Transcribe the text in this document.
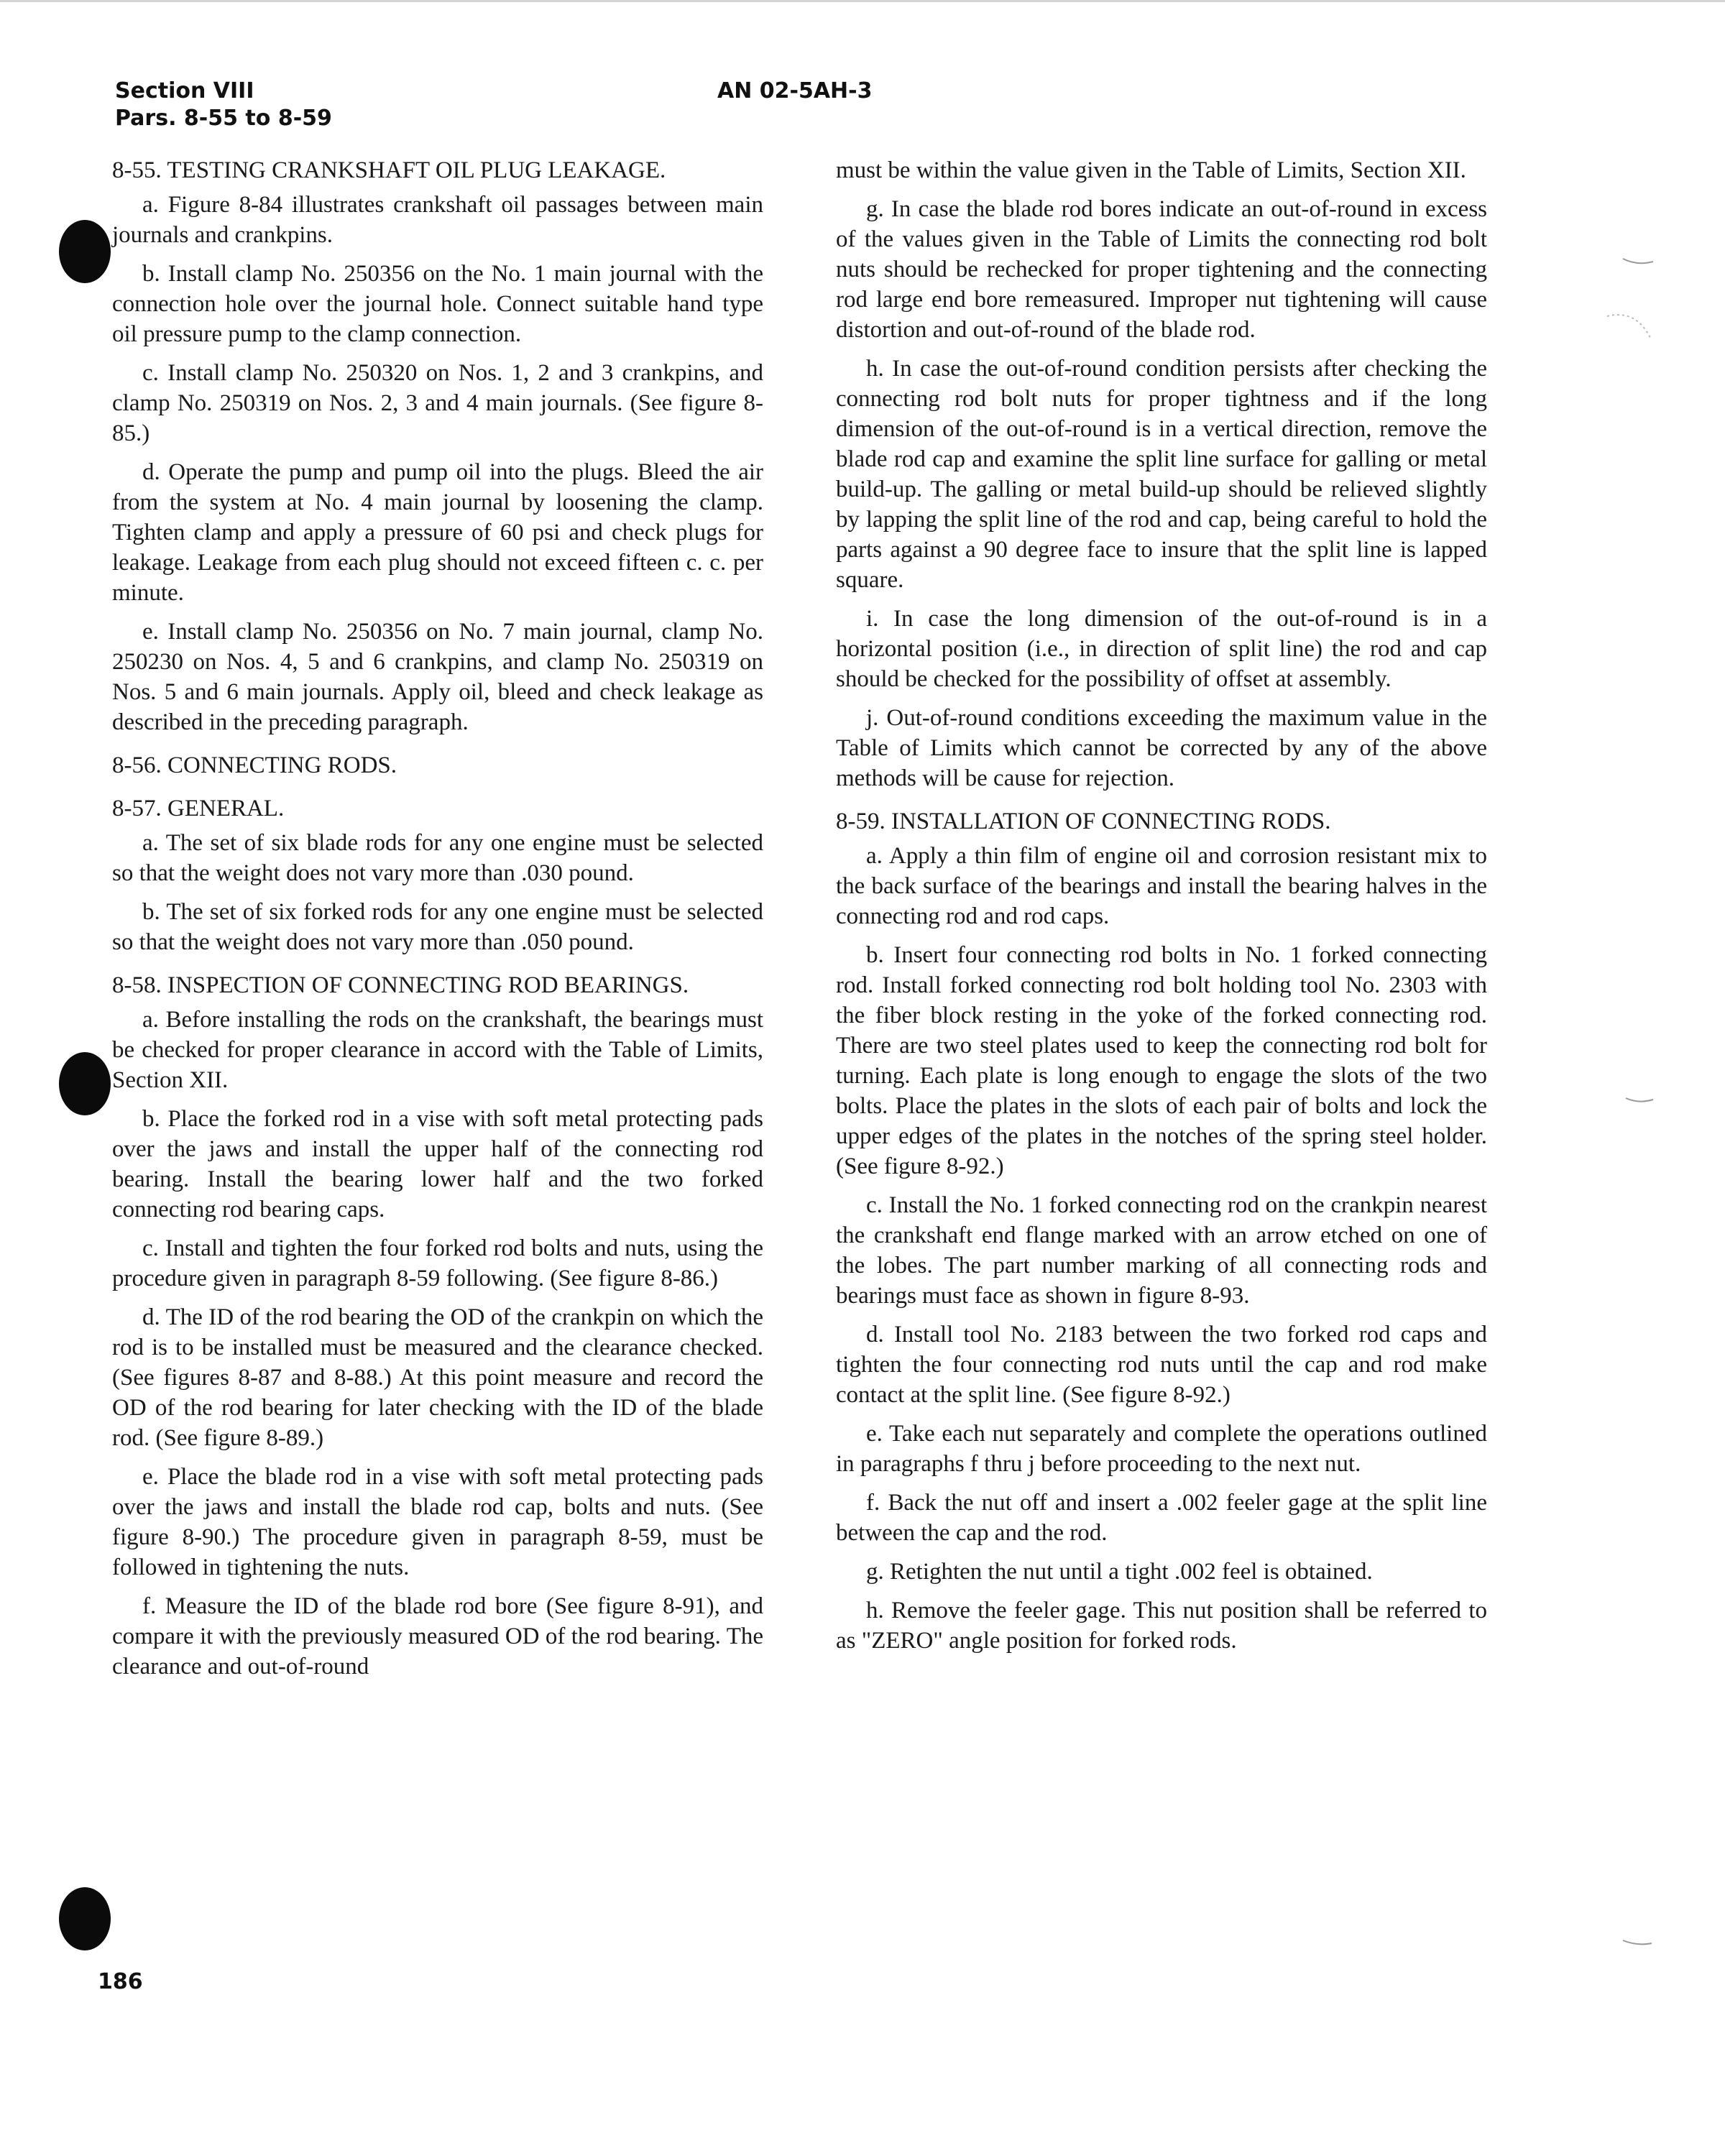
Section VIII
Pars. 8-55 to 8-59
AN 02-5AH-3
8-55. TESTING CRANKSHAFT OIL PLUG LEAKAGE.

a. Figure 8-84 illustrates crankshaft oil passages between main journals and crankpins.

b. Install clamp No. 250356 on the No. 1 main journal with the connection hole over the journal hole. Connect suitable hand type oil pressure pump to the clamp connection.

c. Install clamp No. 250320 on Nos. 1, 2 and 3 crankpins, and clamp No. 250319 on Nos. 2, 3 and 4 main journals. (See figure 8-85.)

d. Operate the pump and pump oil into the plugs. Bleed the air from the system at No. 4 main journal by loosening the clamp. Tighten clamp and apply a pressure of 60 psi and check plugs for leakage. Leakage from each plug should not exceed fifteen c. c. per minute.

e. Install clamp No. 250356 on No. 7 main journal, clamp No. 250230 on Nos. 4, 5 and 6 crankpins, and clamp No. 250319 on Nos. 5 and 6 main journals. Apply oil, bleed and check leakage as described in the preceding paragraph.

8-56. CONNECTING RODS.
8-57. GENERAL.

a. The set of six blade rods for any one engine must be selected so that the weight does not vary more than .030 pound.

b. The set of six forked rods for any one engine must be selected so that the weight does not vary more than .050 pound.

8-58. INSPECTION OF CONNECTING ROD BEARINGS.

a. Before installing the rods on the crankshaft, the bearings must be checked for proper clearance in accord with the Table of Limits, Section XII.

b. Place the forked rod in a vise with soft metal protecting pads over the jaws and install the upper half of the connecting rod bearing. Install the bearing lower half and the two forked connecting rod bearing caps.

c. Install and tighten the four forked rod bolts and nuts, using the procedure given in paragraph 8-59 following. (See figure 8-86.)

d. The ID of the rod bearing the OD of the crankpin on which the rod is to be installed must be measured and the clearance checked. (See figures 8-87 and 8-88.) At this point measure and record the OD of the rod bearing for later checking with the ID of the blade rod. (See figure 8-89.)

e. Place the blade rod in a vise with soft metal protecting pads over the jaws and install the blade rod cap, bolts and nuts. (See figure 8-90.) The procedure given in paragraph 8-59, must be followed in tightening the nuts.

f. Measure the ID of the blade rod bore (See figure 8-91), and compare it with the previously measured OD of the rod bearing. The clearance and out-of-round

must be within the value given in the Table of Limits, Section XII.

g. In case the blade rod bores indicate an out-of-round in excess of the values given in the Table of Limits the connecting rod bolt nuts should be rechecked for proper tightening and the connecting rod large end bore remeasured. Improper nut tightening will cause distortion and out-of-round of the blade rod.

h. In case the out-of-round condition persists after checking the connecting rod bolt nuts for proper tightness and if the long dimension of the out-of-round is in a vertical direction, remove the blade rod cap and examine the split line surface for galling or metal build-up. The galling or metal build-up should be relieved slightly by lapping the split line of the rod and cap, being careful to hold the parts against a 90 degree face to insure that the split line is lapped square.

i. In case the long dimension of the out-of-round is in a horizontal position (i.e., in direction of split line) the rod and cap should be checked for the possibility of offset at assembly.

j. Out-of-round conditions exceeding the maximum value in the Table of Limits which cannot be corrected by any of the above methods will be cause for rejection.

8-59. INSTALLATION OF CONNECTING RODS.

a. Apply a thin film of engine oil and corrosion resistant mix to the back surface of the bearings and install the bearing halves in the connecting rod and rod caps.

b. Insert four connecting rod bolts in No. 1 forked connecting rod. Install forked connecting rod bolt holding tool No. 2303 with the fiber block resting in the yoke of the forked connecting rod. There are two steel plates used to keep the connecting rod bolt for turning. Each plate is long enough to engage the slots of the two bolts. Place the plates in the slots of each pair of bolts and lock the upper edges of the plates in the notches of the spring steel holder. (See figure 8-92.)

c. Install the No. 1 forked connecting rod on the crankpin nearest the crankshaft end flange marked with an arrow etched on one of the lobes. The part number marking of all connecting rods and bearings must face as shown in figure 8-93.

d. Install tool No. 2183 between the two forked rod caps and tighten the four connecting rod nuts until the cap and rod make contact at the split line. (See figure 8-92.)

e. Take each nut separately and complete the operations outlined in paragraphs f thru j before proceeding to the next nut.

f. Back the nut off and insert a .002 feeler gage at the split line between the cap and the rod.

g. Retighten the nut until a tight .002 feel is obtained.

h. Remove the feeler gage. This nut position shall be referred to as "ZERO" angle position for forked rods.

186
